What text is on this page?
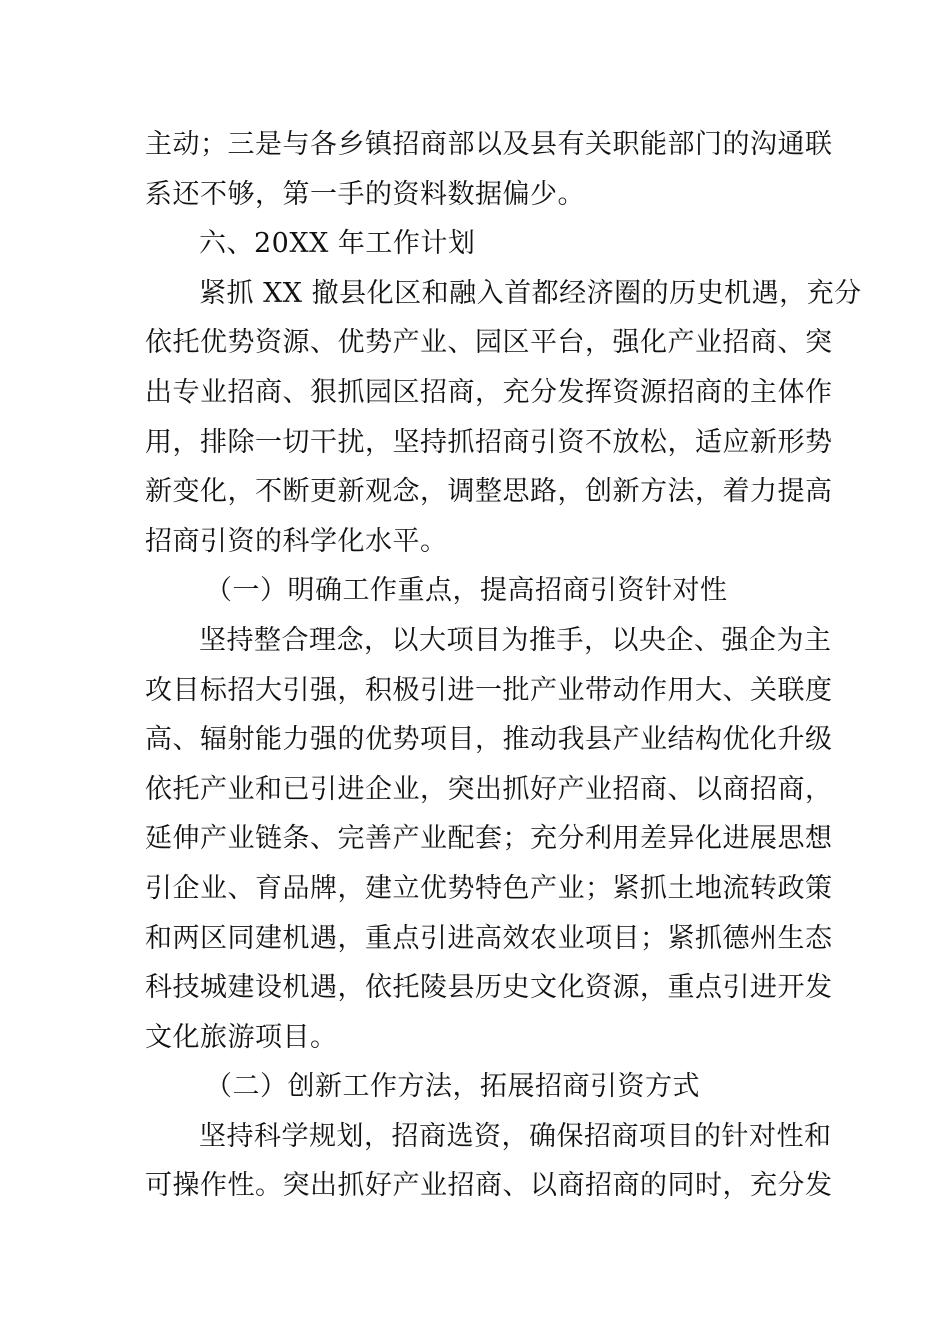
主动；三是与各乡镇招商部以及县有关职能部门的沟通联
系还不够，第一手的资料数据偏少。
六、20XX 年工作计划
紧抓 XX 撤县化区和融入首都经济圈的历史机遇，充分
依托优势资源、优势产业、园区平台，强化产业招商、突
出专业招商、狠抓园区招商，充分发挥资源招商的主体作
用，排除一切干扰，坚持抓招商引资不放松，适应新形势
新变化，不断更新观念，调整思路，创新方法，着力提高
招商引资的科学化水平。
（一）明确工作重点，提高招商引资针对性
坚持整合理念，以大项目为推手，以央企、强企为主
攻目标招大引强，积极引进一批产业带动作用大、关联度
高、辐射能力强的优势项目，推动我县产业结构优化升级
依托产业和已引进企业，突出抓好产业招商、以商招商，
延伸产业链条、完善产业配套；充分利用差异化进展思想
引企业、育品牌，建立优势特色产业；紧抓土地流转政策
和两区同建机遇，重点引进高效农业项目；紧抓德州生态
科技城建设机遇，依托陵县历史文化资源，重点引进开发
文化旅游项目。
（二）创新工作方法，拓展招商引资方式
坚持科学规划，招商选资，确保招商项目的针对性和
可操作性。突出抓好产业招商、以商招商的同时，充分发
